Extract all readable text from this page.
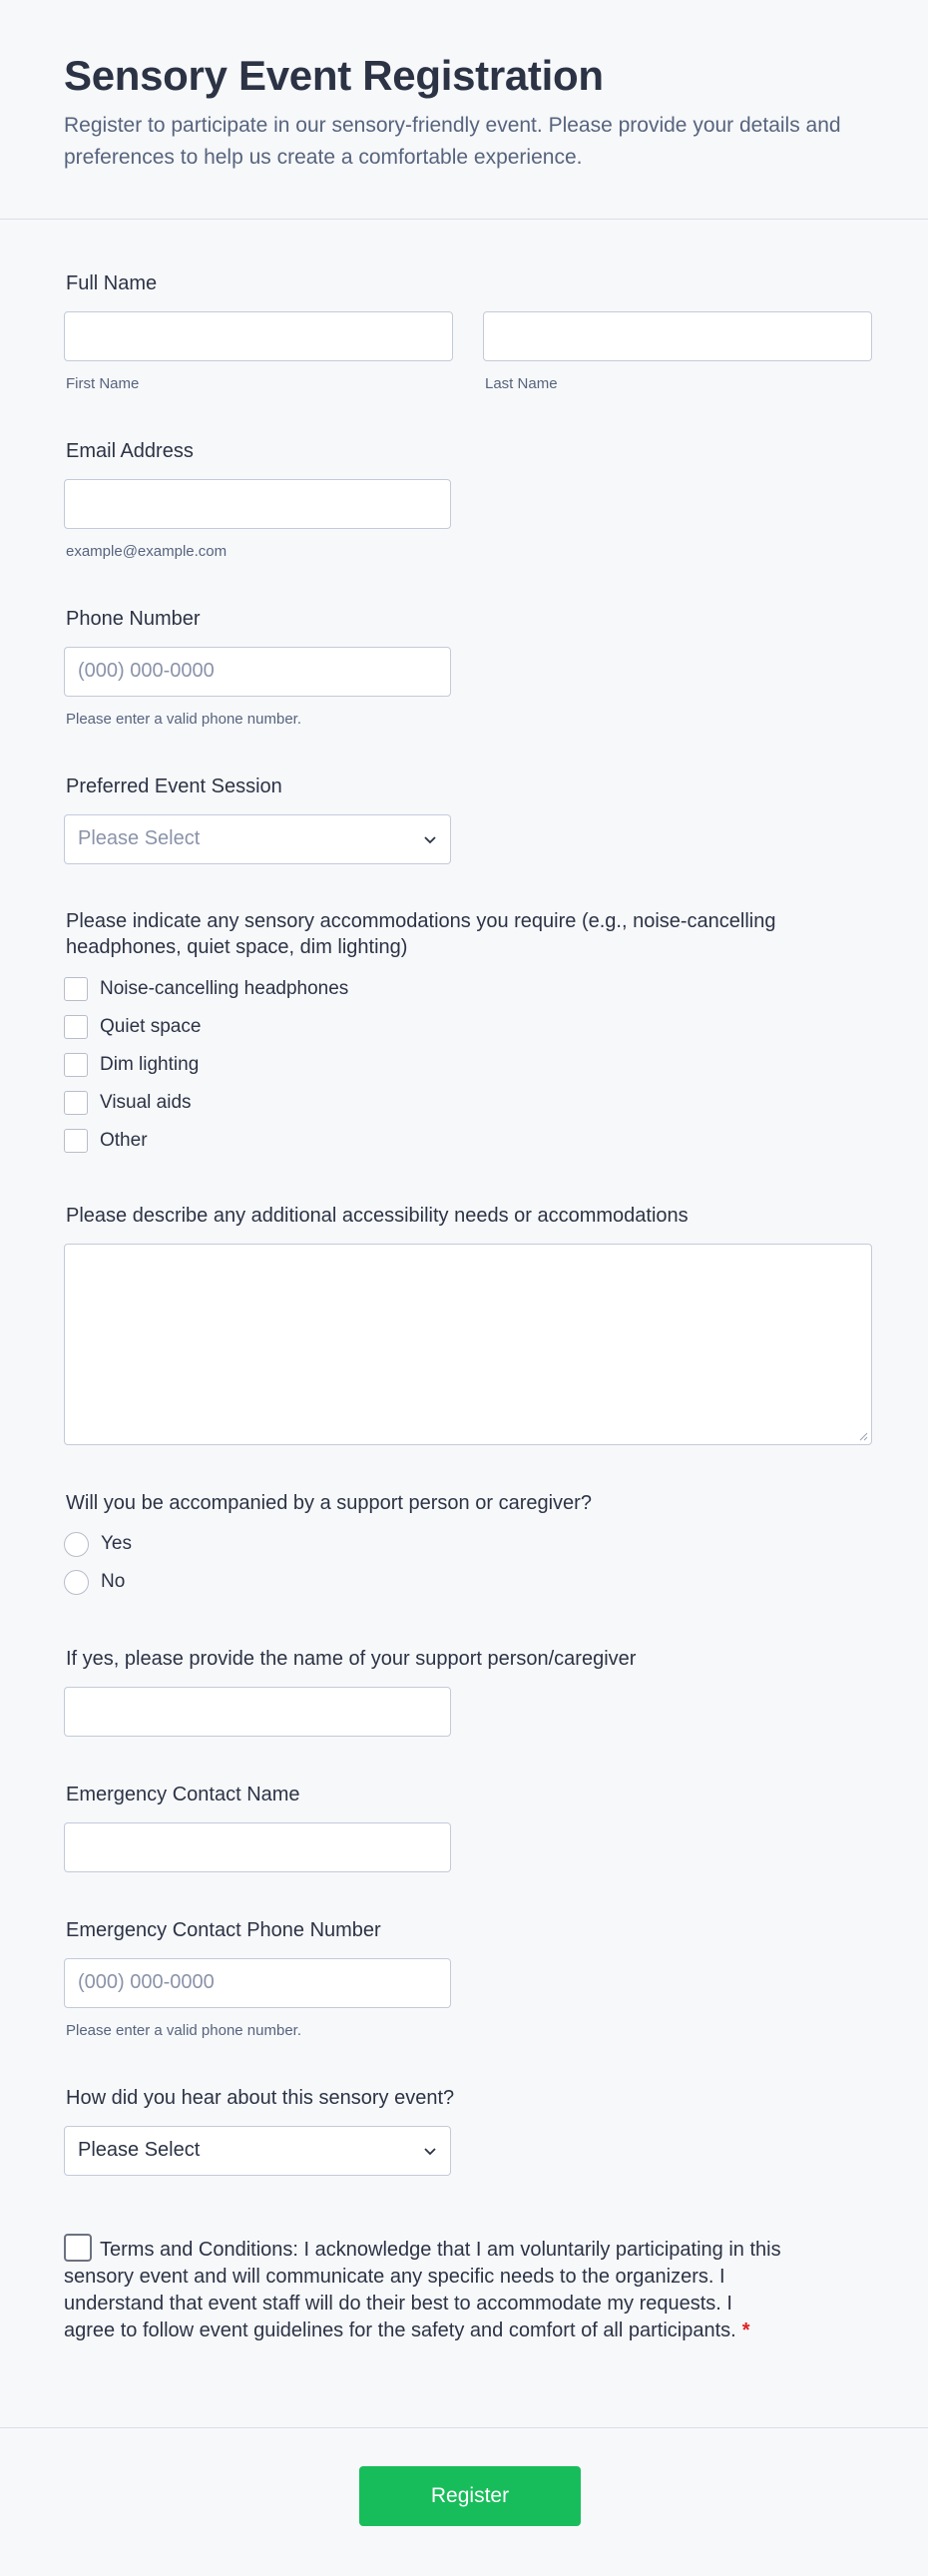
Sensory Event Registration

Register to participate in our sensory-friendly event. Please provide your details and preferences to help us create a comfortable experience.

Full Name
First Name	Last Name
Email Address
example@example.com
Phone Number
(000) 000-0000
Please enter a valid phone number.
Preferred Event Session
Please Select
Please indicate any sensory accommodations you require (e.g., noise-cancelling headphones, quiet space, dim lighting)
Noise-cancelling headphones
Quiet space
Dim lighting
Visual aids
Other
Please describe any additional accessibility needs or accommodations
Will you be accompanied by a support person or caregiver?
Yes
No
If yes, please provide the name of your support person/caregiver
Emergency Contact Name
Emergency Contact Phone Number
(000) 000-0000
Please enter a valid phone number.
How did you hear about this sensory event?
Please Select
Terms and Conditions: I acknowledge that I am voluntarily participating in this sensory event and will communicate any specific needs to the organizers. I understand that event staff will do their best to accommodate my requests. I agree to follow event guidelines for the safety and comfort of all participants. *
Register
